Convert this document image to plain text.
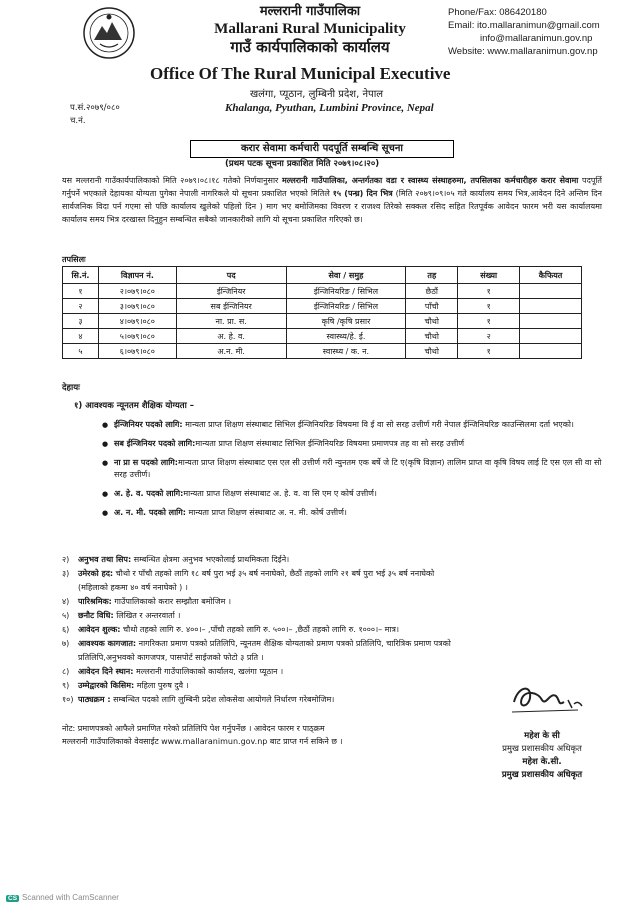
मल्लरानी गाउँपालिका
Mallarani Rural Municipality
गाउँ कार्यपालिकाको कार्यालय
Office Of The Rural Municipal Executive
खलंगा, प्यूठान, लुम्बिनी प्रदेश, नेपाल
Khalanga, Pyuthan, Lumbini Province, Nepal
Phone/Fax: 086420180
Email: ito.mallaranimun@gmail.com
info@mallaranimun.gov.np
Website: www.mallaranimun.gov.np
प.सं.२०७९/०८०
च.नं.
करार सेवामा कर्मचारी पदपूर्ति सम्बन्धि सूचना
(प्रथम पटक सूचना प्रकाशित मिति २०७९।०८।२०)
यस मल्लरानी गाउँकार्यपालिकाको मिति २०७९।०८।१८ गतेको निर्णयानुसार मल्लरानी गाउँपालिका, अन्तर्गतका वडा र स्वास्थ्य संस्थाहरुमा, तपसिलका कर्मचारीहरु करार सेवामा पदपूर्ति गर्नुपर्ने भएकाले देहायका योग्यता पुगेका नेपाली नागरिकले यो सूचना प्रकाशित भएको मितिले १५ (पन्ध्र) दिन भित्र (मिति २०७९।०९।०५ गते कार्यालय समय भित्र,आवेदन दिने अन्तिम दिन सार्वजनिक विदा पर्न गएमा सो पछि कार्यालय खुलेको पहिलो दिन ) माग भए बमोजिमका विवरण र राजश्व तिरेको सक्कल रसिद सहित रितपूर्वक आवेदन फारम भरी यस कार्यालयमा कार्यालय समय भित्र दरखास्त दिनुहुन सम्बन्धित सबैको जानकारीको लागि यो सूचना प्रकाशित गरिएको छ।
तपसिलः
सि.नं.	विज्ञापन नं.	पद	सेवा / समुह	तह	संख्या	कैफियत
१	२।०७९।०८०	ईन्जिनियर	ईन्जिनियरिङ / सिभिल	छैठौं	१	
२	३।०७९।०८०	सब ईन्जिनियर	ईन्जिनियरिङ / सिभिल	पाँचौ	१	
३	४।०७९।०८०	ना. प्रा. स.	कृषि /कृषि प्रसार	चौथो	१	
४	५।०७९।०८०	अ. हे. व.	स्वास्थ्य/हे. ई.	चौथो	२	
५	६।०७९।०८०	अ.न. मी.	स्वास्थ्य / क. न.	चौथो	१	
देहायः
१) आवश्यक न्यूनतम शैक्षिक योग्यता –
● ईन्जिनियर पदको लागि: मान्यता प्राप्त शिक्षण संस्थाबाट सिभिल ईन्जिनियरिङ विषयमा वि ई वा सो सरह उत्तीर्ण गरी नेपाल ईन्जिनियरिङ काउन्सिलमा दर्ता भएको।
● सब ईन्जिनियर पदको लागि:मान्यता प्राप्त शिक्षण संस्थाबाट सिभिल ईन्जिनियरिङ विषयमा प्रमाणपत्र तह वा सो सरह उत्तीर्ण
● ना प्रा स पदको लागि:मान्यता प्राप्त शिक्षण संस्थाबाट एस एल सी उत्तीर्ण गरी न्युनतम एक बर्षे जे टि ए(कृषि विज्ञान) तालिम प्राप्त वा कृषि विषय लाई टि एस एल सी वा सो सरह उत्तीर्ण।
● अ. हे. व. पदको लागि:मान्यता प्राप्त शिक्षण संस्थाबाट अ. हे. व. वा सि एम ए कोर्ष उत्तीर्ण।
● अ. न. मी. पदको लागि: मान्यता प्राप्त शिक्षण संस्थाबाट अ. न. मी. कोर्ष उत्तीर्ण।
२) अनुभव तथा सिप: सम्बन्धित क्षेत्रमा अनुभव भएकोलाई प्राथमिकता दिईने।
३) उमेरको हद: चौथो र पाँचौ तहको लागि १८ बर्ष पुरा भई ३५ बर्ष ननाघेको, छैठौं तहको लागि २१ बर्ष पुरा भई ३५ बर्ष ननाघेको
(महिलाको हकमा ४० वर्ष ननाघेको ) ।
४) पारिश्रमिक: गाउँपालिकाको करार सम्झौता बमोजिम ।
५) छनौट विधि: लिखित र अन्तरवार्ता ।
६) आवेदन शुल्क: चौथो तहको लागि रु. ४००।– ,पाँचौ तहको लागि रु. ५००।– ,छैठौं तहको लागि रु. १०००।– मात्र।
७) आवश्यक कागजात: नागरिकता प्रमाण पत्रको प्रतिलिपि, न्यूनतम शैक्षिक योग्यताको प्रमाण पत्रको प्रतिलिपि, चारित्रिक प्रमाण पत्रको
प्रतिलिपि,अनुभवको कागजपत्र, पासपोर्ट साईजको फोटो ३ प्रति ।
८) आवेदन दिने स्थान: मल्लरानी गाउँपालिकाको कार्यालय, खलंगा प्यूठान ।
९) उम्मेद्वारको किसिम: महिला पुरुष दुवै ।
१०) पाठ्यक्रम : सम्बन्धित पदको लागि लुम्बिनी प्रदेश लोकसेवा आयोगले निर्धारण गरेबमोजिम।
नोट: प्रमाणपत्रको आफैले प्रमाणित गरेको प्रतिलिपि पेश गर्नुपर्नेछ । आवेदन फारम र पाठ्क्रम
मल्लरानी गाउँपालिकाको वेवसाईट www.mallaranimun.gov.np बाट प्राप्त गर्न सकिने छ ।
महेश के सी
प्रमुख प्रशासकीय अधिकृत
महेश के.सी.
प्रमुख प्रशासकीय अधिकृत
CS Scanned with CamScanner
